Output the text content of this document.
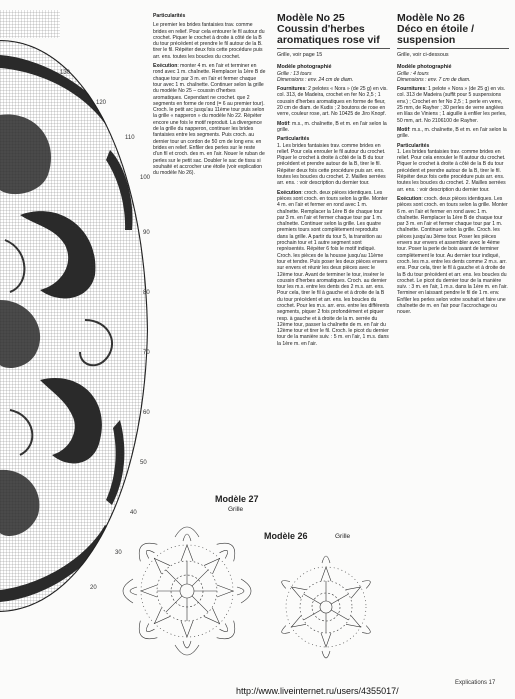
130
120
110
100
90
80
70
60
50
40
30
20

Particularités

Le premier les brides fantaisies trav. comme brides en relief. Pour cela entourer le fil autour du crochet. Piquer le crochet à droite à côté de la B du tour précédent et prendre le fil autour de la B. tirer le fil. Répéter deux fois cette procédure puis arr. ens. toutes les boucles du crochet.

Exécution: monter 4 m. en l'air et terminer en rond avec 1 m. chaînette. Remplacer la 1ère B de chaque tour par 3 m. en l'air et fermer chaque tour avec 1 m. chaînette. Continuer selon la grille du modèle No 25 – coussin d'herbes aromatiques. Cependant ne crochet. que 2 segments en forme de rond (= 6 au premier tour). Croch. le petit arc jusqu'au 11ème tour puis selon la grille « napperon » du modèle No 22. Répéter encore une fois le motif reproduit. La divergence de la grille du napperon, continuer les brides fantaisies entre les segments. Puis croch. au dernier tour un cordon de 50 cm de long env. en brides en relief. Enfiler des perles sur le reste d'un fil et croch. des m. en l'air. Nouer le ruban de perles sur le petit sac. Doubler le sac de tissu si souhaité et accrocher une étoile (voir explication du modèle No 26).

Modèle No 25
Coussin d'herbes
aromatiques rose vif
Grille, voir page 15

Modèle photographié
Grille : 13 tours
Dimensions : env. 24 cm de diam.

Fournitures: 2 pelotes « Nora » (de 25 g) en vis. col. 313, de Madeira, crochet en fer No 2,5 ; 1 coussin d'herbes aromatiques en forme de fleur, 20 cm de diam. de Kudis ; 2 boutons de rose en verre, couleur rose, art. No 10425 de Jiro Knopf.

Motif: m.s., m. chaînette, B et m. en l'air selon la grille.

Particularités
1. Les brides fantaisies trav. comme brides en relief. Pour cela enrouler le fil autour du crochet. Piquer le crochet à droite à côté de la B du tour précédent et prendre autour de la B, tirer le fil. Répéter deux fois cette procédure puis arr. ens. toutes les boucles du crochet. 2. Mailles serrées arr. ens. : voir description du dernier tour.

Exécution: croch. deux pièces identiques. Les pièces sont croch. en tours selon la grille. Monter 4 m. en l'air et fermer en rond avec 1 m. chaînette. Remplacer la 1ère B de chaque tour par 3 m. en l'air et fermer chaque tour par 1 m. chaînette. Continuer selon la grille. Les quatre premiers tours sont complètement reproduits dans la grille. A partir du tour 5, la transition au prochain tour et 1 autre segment sont représentés. Répéter 6 fois le motif indiqué. Croch. les pièces de la housse jusqu'au 11ème tour et tendre. Puis poser les deux pièces envers sur envers et réunir les deux pièces avec le 12ème tour. Avant de terminer le tour, insérer le coussin d'herbes aromatiques. Croch. au dernier tour les m.s. entre les dents des 2 m.s. arr. ens. Pour cela, tirer le fil à gauche et à droite de la B du tour précédent et arr. ens. les boucles du crochet. Pour les m.s. arr. ens. entre les différents segments, piquer 2 fois profondément et piquer resp. à gauche et à droite de la m. serrée du 12ème tour, passer la chaînette de m. en l'air du 12ème tour et tirer le fil. Croch. le picot du dernier tour de la manière suiv. : 5 m. en l'air, 1 m.s. dans la 1ère m. en l'air.

Modèle No 26
Déco en étoile /
suspension
Grille, voir ci-dessous

Modèle photographié
Grille : 4 tours
Dimensions : env. 7 cm de diam.

Fournitures: 1 pelote « Nora » (de 25 g) en vis. col. 313 de Madeira (suffit pour 5 suspensions env.) ; Crochet en fer No 2,5 ; 1 perle en verre, 25 mm, de Rayher ; 30 perles de verre anglées en lilas de Viniens ; 1 aiguille à enfiler les perles, 50 mm, art. No 2106100 de Rayher.

Motif: m.s., m. chaînette, B et m. en l'air selon la grille.

Particularités
1. Les brides fantaisies trav. comme brides en relief. Pour cela enrouler le fil autour du crochet. Piquer le crochet à droite à côté de la B du tour précédent et prendre autour de la B, tirer le fil. Répéter deux fois cette procédure puis arr. ens. toutes les boucles du crochet. 2. Mailles serrées arr. ens. : voir description du dernier tour.

Exécution: croch. deux pièces identiques. Les pièces sont croch. en tours selon la grille. Monter 6 m. en l'air et fermer en rond avec 1 m. chaînette. Remplacer la 1ère B de chaque tour par 3 m. en l'air et fermer chaque tour par 1 m. chaînette. Continuer selon la grille. Croch. les pièces jusqu'au 3ème tour. Poser les pièces envers sur envers et assembler avec le 4ème tour. Poser la perle de bois avant de terminer complètement le tour. Au dernier tour indiqué, croch. les m.s. entre les dents comme 2 m.s. arr. ens. Pour cela, tirer le fil à gauche et à droite de la B du tour précédent et arr. ens. les boucles du crochet. Le picot du dernier tour de la manière suiv. : 3 m. en l'air, 1 m.s. dans la 1ère m. en l'air. Terminer en laissant pendre le fil de 1 m. env. Enfiler les perles selon votre souhait et faire une chaînette de m. en l'air pour l'accrochage ou nouer.

Modèle 27
Grille
Modèle 26	Grille
Explications 17
http://www.liveinternet.ru/users/4355017/
